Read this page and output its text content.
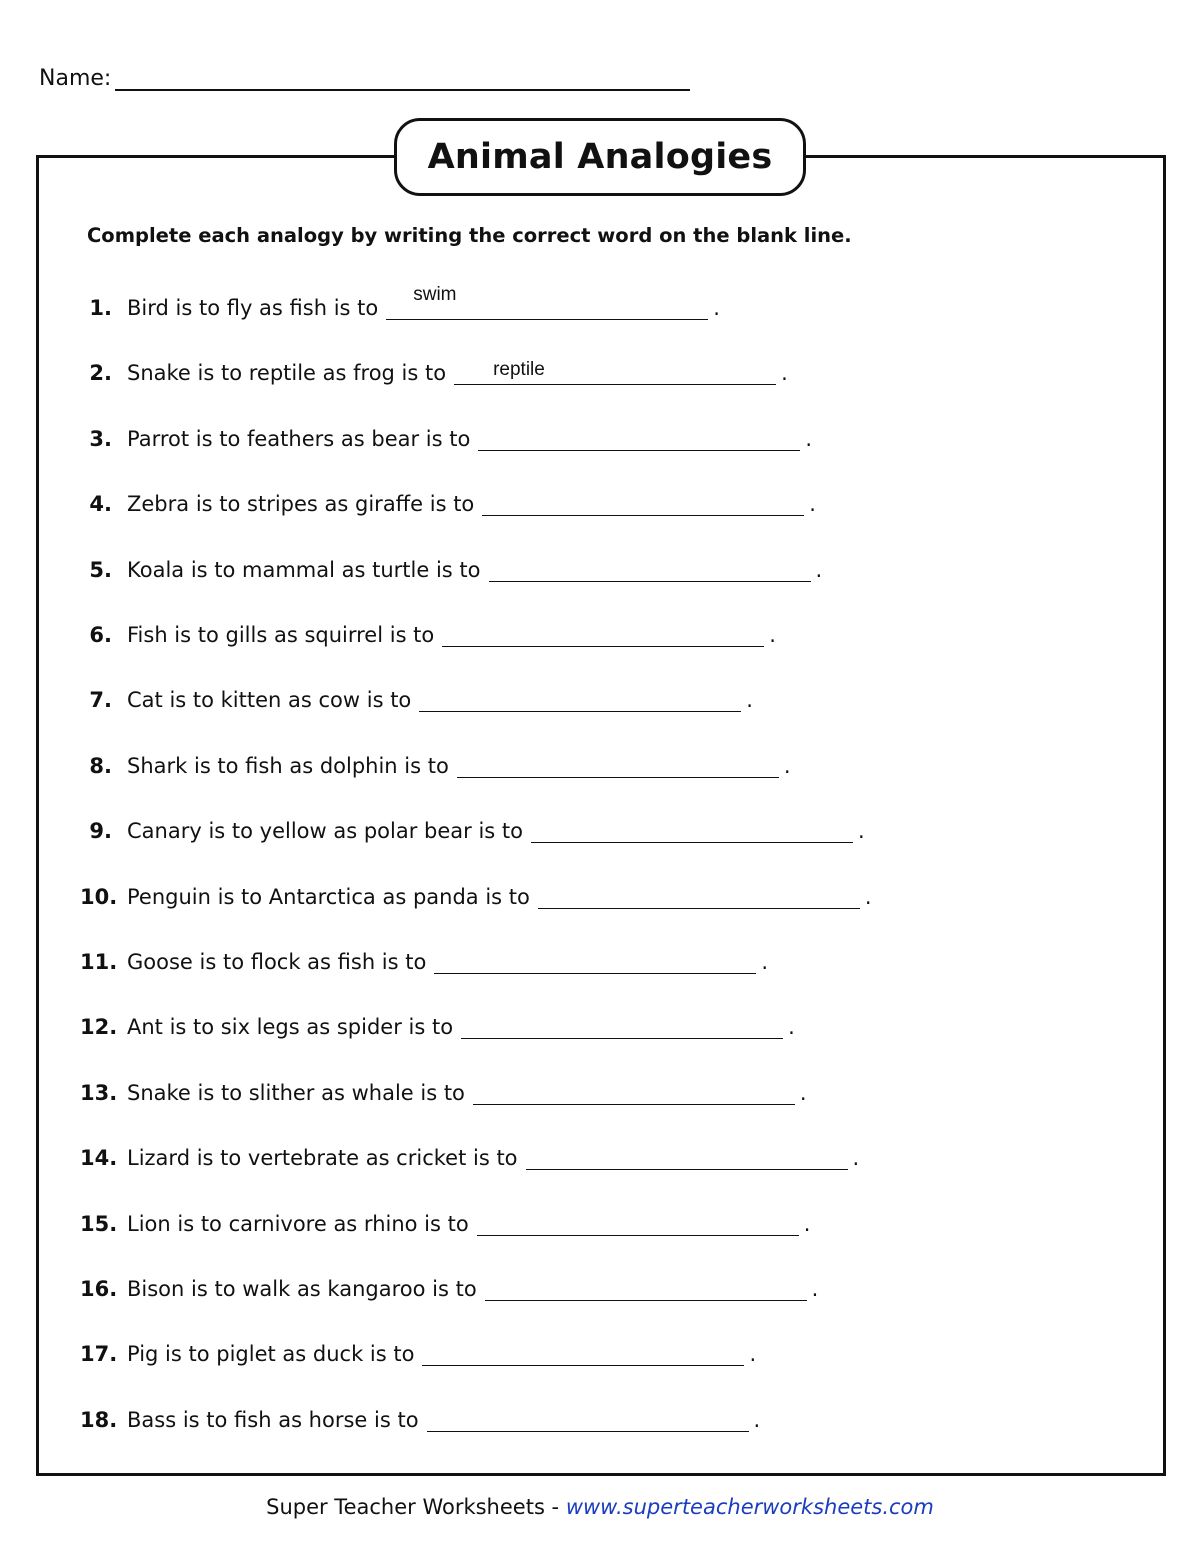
Name:
Animal Analogies
Complete each analogy by writing the correct word on the blank line.
1. Bird is to fly as fish is to
swim
.
2. Snake is to reptile as frog is to reptile	.
3. Parrot is to feathers as bear is to	.
4. Zebra is to stripes as giraffe is to	.
5. Koala is to mammal as turtle is to	.
6. Fish is to gills as squirrel is to	.
7. Cat is to kitten as cow is to	.
8. Shark is to fish as dolphin is to	.
9. Canary is to yellow as polar bear is to	.
10. Penguin is to Antarctica as panda is to	.
11. Goose is to flock as fish is to	.
12. Ant is to six legs as spider is to	.
13. Snake is to slither as whale is to	.
14. Lizard is to vertebrate as cricket is to	.
15. Lion is to carnivore as rhino is to	.
16. Bison is to walk as kangaroo is to	.
17. Pig is to piglet as duck is to	.
18. Bass is to fish as horse is to	.
Super Teacher Worksheets - www.superteacherworksheets.com
